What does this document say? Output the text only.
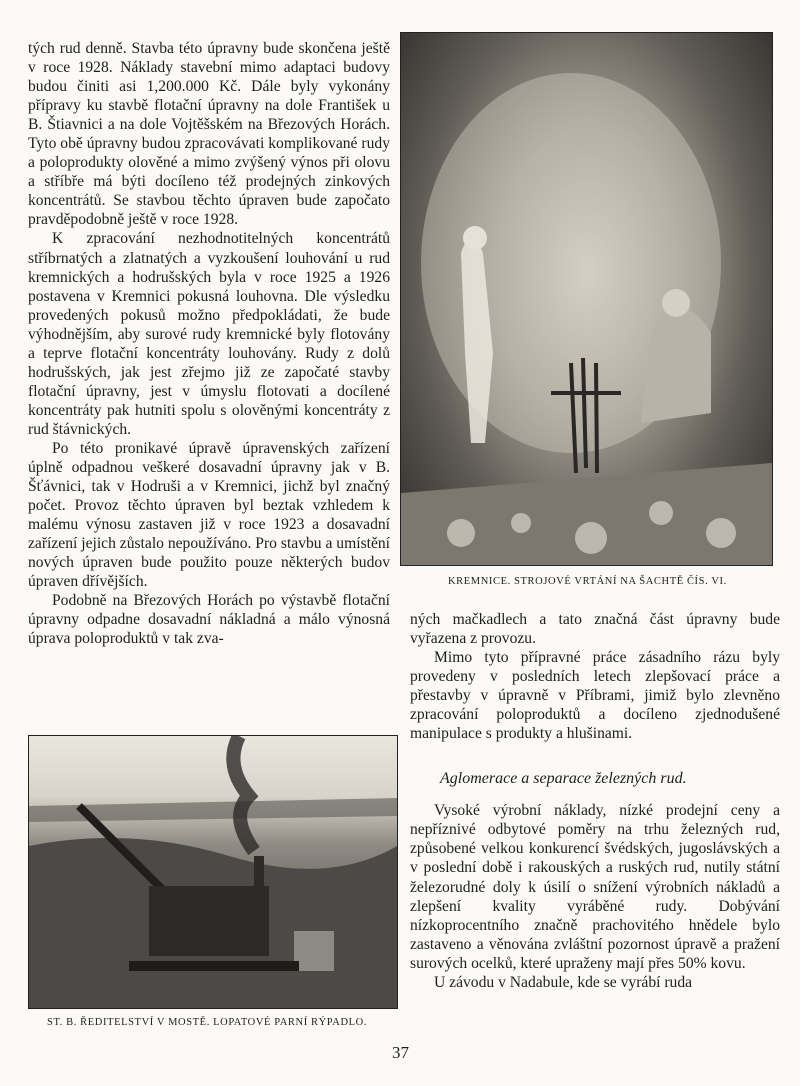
tých rud denně. Stavba této úpravny bude skončena ještě v roce 1928. Náklady stavební mimo adaptaci budovy budou činiti asi 1,200.000 Kč. Dále byly vykonány přípravy ku stavbě flotační úpravny na dole František u B. Štiavnici a na dole Vojtěšském na Březových Horách. Tyto obě úpravny budou zpracovávati komplikované rudy a poloprodukty olověné a mimo zvýšený výnos při olovu a stříbře má býti docíleno též prodejných zinkových koncentrátů. Se stavbou těchto úpraven bude započato pravděpodobně ještě v roce 1928.

K zpracování nezhodnotitelných koncentrátů stříbrnatých a zlatnatých a vyzkoušení louhování u rud kremnických a hodrušských byla v roce 1925 a 1926 postavena v Kremnici pokusná louhovna. Dle výsledku provedených pokusů možno předpokládati, že bude výhodnějším, aby surové rudy kremnické byly flotovány a teprve flotační koncentráty louhovány. Rudy z dolů hodrušských, jak jest zřejmo již ze započaté stavby flotační úpravny, jest v úmyslu flotovati a docílené koncentráty pak hutniti spolu s olověnými koncentráty z rud štávnických.

Po této pronikavé úpravě úpravenských zařízení úplně odpadnou veškeré dosavadní úpravny jak v B. Šťávnici, tak v Hodruši a v Kremnici, jichž byl značný počet. Provoz těchto úpraven byl beztak vzhledem k malému výnosu zastaven již v roce 1923 a dosavadní zařízení jejich zůstalo nepoužíváno. Pro stavbu a umístění nových úpraven bude použito pouze některých budov úpraven dřívějších.

Podobně na Březových Horách po výstavbě flotační úpravny odpadne dosavadní nákladná a málo výnosná úprava poloproduktů v tak zva-

KREMNICE. STROJOVÉ VRTÁNÍ NA ŠACHTĚ ČÍS. VI.

ných mačkadlech a tato značná část úpravny bude vyřazena z provozu.

Mimo tyto přípravné práce zásadního rázu byly provedeny v posledních letech zlepšovací práce a přestavby v úpravně v Příbrami, jimiž bylo zlevněno zpracování poloproduktů a docíleno zjednodušené manipulace s produkty a hlušinami.

Vysoké výrobní náklady, nízké prodejní ceny a nepříznivé odbytové poměry na trhu železných rud, způsobené velkou konkurencí švédských, jugoslávských a v poslední době i rakouských a ruských rud, nutily státní železorudné doly k úsilí o snížení výrobních nákladů a zlepšení kvality vyráběné rudy. Dobývání nízkoprocentního značně prachovitého hnědele bylo zastaveno a věnována zvláštní pozornost úpravě a pražení surových ocelků, které upraženy mají přes 50% kovu.

U závodu v Nadabule, kde se vyrábí ruda

Aglomerace a separace železných rud.
ST. B. ŘEDITELSTVÍ V MOSTĚ. LOPATOVÉ PARNÍ RÝPADLO.
37
